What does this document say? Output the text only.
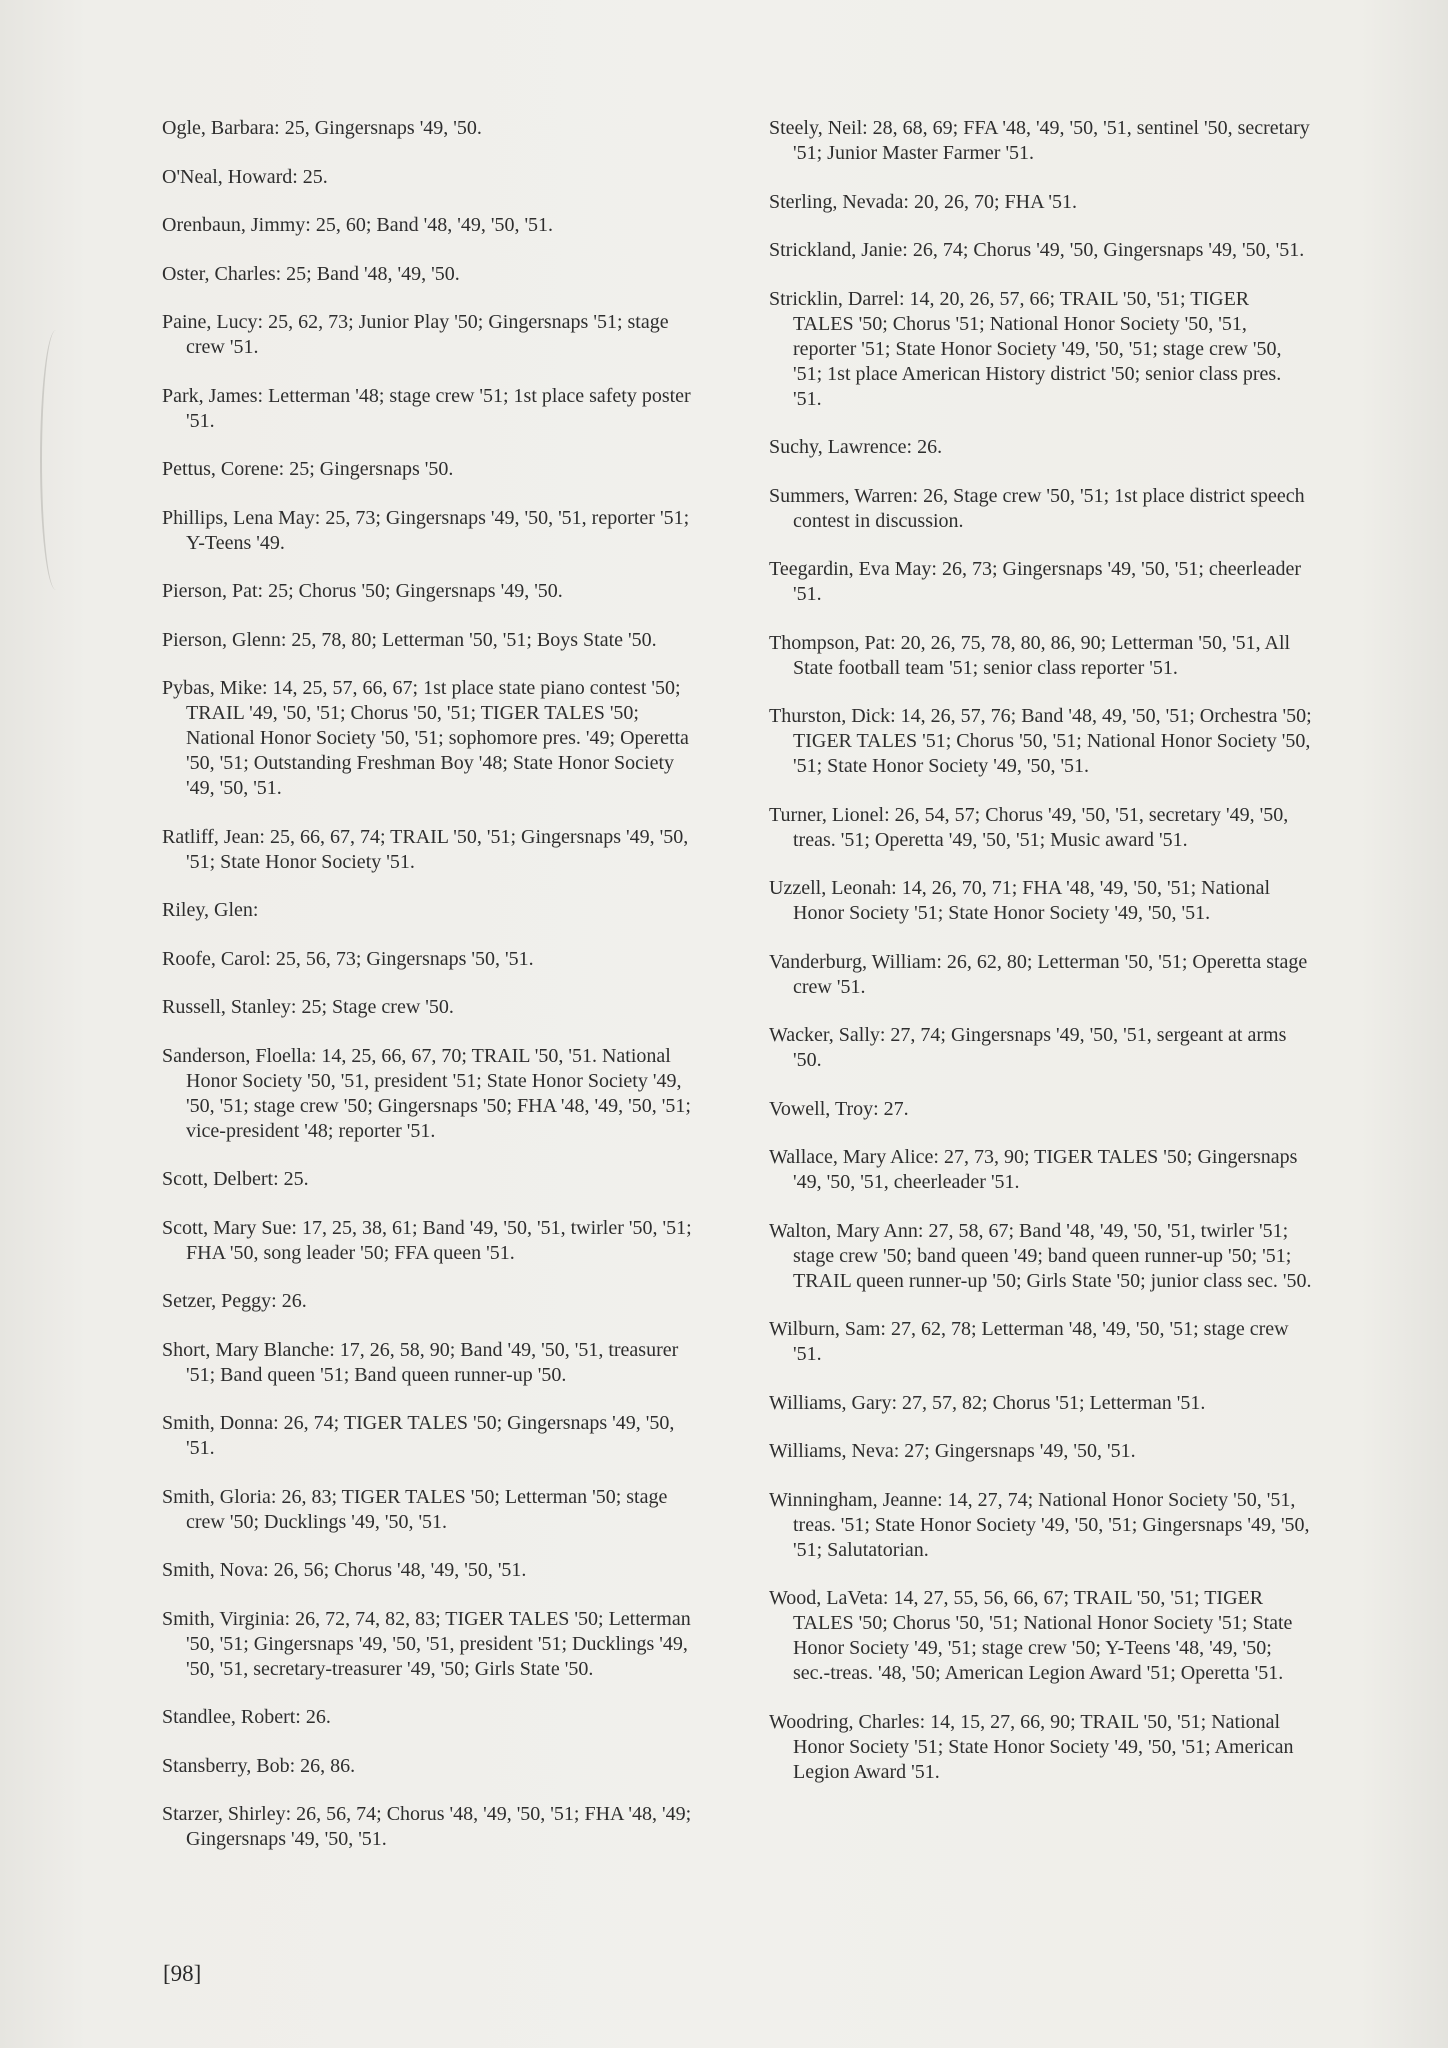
Ogle, Barbara: 25, Gingersnaps '49, '50.

O'Neal, Howard: 25.

Orenbaun, Jimmy: 25, 60; Band '48, '49, '50, '51.

Oster, Charles: 25; Band '48, '49, '50.

Paine, Lucy: 25, 62, 73; Junior Play '50; Gingersnaps '51; stage crew '51.

Park, James: Letterman '48; stage crew '51; 1st place safety poster '51.

Pettus, Corene: 25; Gingersnaps '50.

Phillips, Lena May: 25, 73; Gingersnaps '49, '50, '51, reporter '51; Y-Teens '49.

Pierson, Pat: 25; Chorus '50; Gingersnaps '49, '50.

Pierson, Glenn: 25, 78, 80; Letterman '50, '51; Boys State '50.

Pybas, Mike: 14, 25, 57, 66, 67; 1st place state piano contest '50; TRAIL '49, '50, '51; Chorus '50, '51; TIGER TALES '50; National Honor Society '50, '51; sophomore pres. '49; Operetta '50, '51; Outstanding Freshman Boy '48; State Honor Society '49, '50, '51.

Ratliff, Jean: 25, 66, 67, 74; TRAIL '50, '51; Gingersnaps '49, '50, '51; State Honor Society '51.

Riley, Glen:

Roofe, Carol: 25, 56, 73; Gingersnaps '50, '51.

Russell, Stanley: 25; Stage crew '50.

Sanderson, Floella: 14, 25, 66, 67, 70; TRAIL '50, '51. National Honor Society '50, '51, president '51; State Honor Society '49, '50, '51; stage crew '50; Gingersnaps '50; FHA '48, '49, '50, '51; vice-president '48; reporter '51.

Scott, Delbert: 25.

Scott, Mary Sue: 17, 25, 38, 61; Band '49, '50, '51, twirler '50, '51; FHA '50, song leader '50; FFA queen '51.

Setzer, Peggy: 26.

Short, Mary Blanche: 17, 26, 58, 90; Band '49, '50, '51, treasurer '51; Band queen '51; Band queen runner-up '50.

Smith, Donna: 26, 74; TIGER TALES '50; Gingersnaps '49, '50, '51.

Smith, Gloria: 26, 83; TIGER TALES '50; Letterman '50; stage crew '50; Ducklings '49, '50, '51.

Smith, Nova: 26, 56; Chorus '48, '49, '50, '51.

Smith, Virginia: 26, 72, 74, 82, 83; TIGER TALES '50; Letterman '50, '51; Gingersnaps '49, '50, '51, president '51; Ducklings '49, '50, '51, secretary-treasurer '49, '50; Girls State '50.

Standlee, Robert: 26.

Stansberry, Bob: 26, 86.

Starzer, Shirley: 26, 56, 74; Chorus '48, '49, '50, '51; FHA '48, '49; Gingersnaps '49, '50, '51.

Steely, Neil: 28, 68, 69; FFA '48, '49, '50, '51, sentinel '50, secretary '51; Junior Master Farmer '51.

Sterling, Nevada: 20, 26, 70; FHA '51.

Strickland, Janie: 26, 74; Chorus '49, '50, Gingersnaps '49, '50, '51.

Stricklin, Darrel: 14, 20, 26, 57, 66; TRAIL '50, '51; TIGER TALES '50; Chorus '51; National Honor Society '50, '51, reporter '51; State Honor Society '49, '50, '51; stage crew '50, '51; 1st place American History district '50; senior class pres. '51.

Suchy, Lawrence: 26.

Summers, Warren: 26, Stage crew '50, '51; 1st place district speech contest in discussion.

Teegardin, Eva May: 26, 73; Gingersnaps '49, '50, '51; cheerleader '51.

Thompson, Pat: 20, 26, 75, 78, 80, 86, 90; Letterman '50, '51, All State football team '51; senior class reporter '51.

Thurston, Dick: 14, 26, 57, 76; Band '48, 49, '50, '51; Orchestra '50; TIGER TALES '51; Chorus '50, '51; National Honor Society '50, '51; State Honor Society '49, '50, '51.

Turner, Lionel: 26, 54, 57; Chorus '49, '50, '51, secretary '49, '50, treas. '51; Operetta '49, '50, '51; Music award '51.

Uzzell, Leonah: 14, 26, 70, 71; FHA '48, '49, '50, '51; National Honor Society '51; State Honor Society '49, '50, '51.

Vanderburg, William: 26, 62, 80; Letterman '50, '51; Operetta stage crew '51.

Wacker, Sally: 27, 74; Gingersnaps '49, '50, '51, sergeant at arms '50.

Vowell, Troy: 27.

Wallace, Mary Alice: 27, 73, 90; TIGER TALES '50; Gingersnaps '49, '50, '51, cheerleader '51.

Walton, Mary Ann: 27, 58, 67; Band '48, '49, '50, '51, twirler '51; stage crew '50; band queen '49; band queen runner-up '50; '51; TRAIL queen runner-up '50; Girls State '50; junior class sec. '50.

Wilburn, Sam: 27, 62, 78; Letterman '48, '49, '50, '51; stage crew '51.

Williams, Gary: 27, 57, 82; Chorus '51; Letterman '51.

Williams, Neva: 27; Gingersnaps '49, '50, '51.

Winningham, Jeanne: 14, 27, 74; National Honor Society '50, '51, treas. '51; State Honor Society '49, '50, '51; Gingersnaps '49, '50, '51; Salutatorian.

Wood, LaVeta: 14, 27, 55, 56, 66, 67; TRAIL '50, '51; TIGER TALES '50; Chorus '50, '51; National Honor Society '51; State Honor Society '49, '51; stage crew '50; Y-Teens '48, '49, '50; sec.-treas. '48, '50; American Legion Award '51; Operetta '51.

Woodring, Charles: 14, 15, 27, 66, 90; TRAIL '50, '51; National Honor Society '51; State Honor Society '49, '50, '51; American Legion Award '51.

[98]
